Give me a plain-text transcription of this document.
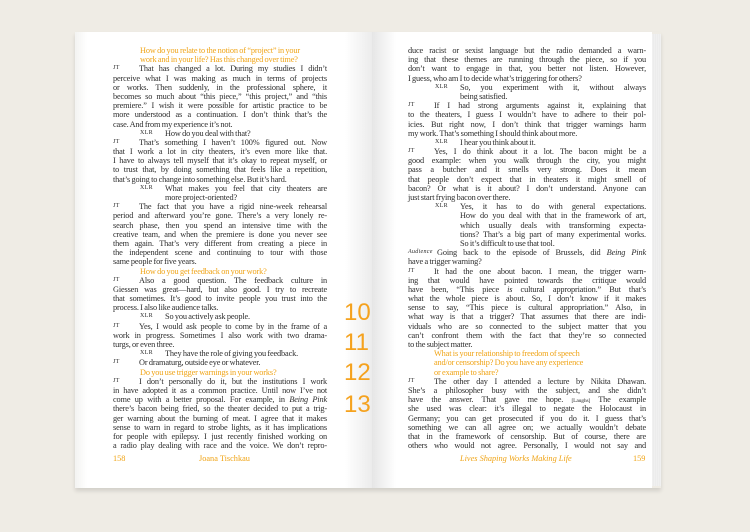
How do you relate to the notion of “project” in your
work and in your life? Has this changed over time?
JT	That has changed a lot. During my studies I didn’t
perceive what I was making as much in terms of projects
or works. Then suddenly, in the professional sphere, it
becomes so much about “this piece,” “this project,” and “this
premiere.” I wish it were possible for artistic practice to be
more understood as a continuation. I don’t think that’s the
case. And from my experience it’s not.
XLR	How do you deal with that?
JT	That’s something I haven’t 100% figured out. Now
that I work a lot in city theaters, it’s even more like that.
I have to always tell myself that it’s okay to repeat myself, or
to trust that, by doing something that feels like a repetition,
that’s going to change into something else. But it’s hard.
XLR	What makes you feel that city theaters are
more project-oriented?
JT	The fact that you have a rigid nine-week rehearsal
period and afterward you’re gone. There’s a very lonely re-
search phase, then you spend an intensive time with the
creative team, and when the premiere is done you never see
them again. That’s very different from creating a piece in
the independent scene and continuing to tour with those
same people for five years.
How do you get feedback on your work?
JT	Also a good question. The feedback culture in
Giessen was great—hard, but also good. I try to recreate
that sometimes. It’s good to invite people you trust into the
process. I also like audience talks.
XLR	So you actively ask people.
JT	Yes, I would ask people to come by in the frame of a
work in progress. Sometimes I also work with two drama-
turgs, or even three.
XLR	They have the role of giving you feedback.
JT	Or dramaturg, outside eye or whatever.
Do you use trigger warnings in your works?
JT	I don’t personally do it, but the institutions I work
in have adopted it as a common practice. Until now I’ve not
come up with a better proposal. For example, in Being Pink
there’s bacon being fried, so the theater decided to put a trig-
ger warning about the burning of meat. I agree that it makes
sense to warn in regard to strobe lights, as it has implications
for people with epilepsy. I just recently finished working on
a radio play dealing with race and the voice. We don’t repro-
158	Joana Tischkau
duce racist or sexist language but the radio demanded a warn-
ing that these themes are running through the piece, so if you
don’t want to engage in that, you better not listen. However,
I guess, who am I to decide what’s triggering for others?
XLR	So, you experiment with it, without always
being satisfied.
JT	If I had strong arguments against it, explaining that
to the theaters, I guess I wouldn’t have to adhere to their pol-
icies. But right now, I don’t think that trigger warnings harm
my work. That’s something I should think about more.
XLR	I hear you think about it.
JT	Yes, I do think about it a lot. The bacon might be a
good example: when you walk through the city, you might
pass a butcher and it smells very strong. Does it mean
that people don’t expect that in theaters it might smell of
bacon? Or what is it about? I don’t understand. Anyone can
just start frying bacon over there.
XLR	Yes, it has to do with general expectations.
How do you deal with that in the framework of art,
which usually deals with transforming expecta-
tions? That’s a big part of many experimental works.
So it’s difficult to use that tool.
Audience Going back to the episode of Brussels, did Being Pink
have a trigger warning?
JT	It had the one about bacon. I mean, the trigger warn-
ing that would have pointed towards the critique would
have been, “This piece is cultural appropriation.” But that’s
what the whole piece is about. So, I don’t know if it makes
sense to say, “This piece is cultural appropriation.” Also, in
what way is that a trigger? That assumes that there are indi-
viduals who are so connected to the subject matter that you
can’t confront them with the fact that they’re so connected
to the subject matter.
What is your relationship to freedom of speech
and/or censorship? Do you have any experience
or example to share?
JT	The other day I attended a lecture by Nikita Dhawan.
She’s a philosopher busy with the subject, and she didn’t
have the answer. That gave me hope. [Laughs] The example
she used was clear: it’s illegal to negate the Holocaust in
Germany; you can get prosecuted if you do it. I guess that’s
something we can all agree on; we actually wouldn’t debate
that in the framework of censorship. But of course, there are
others who would not agree. Personally, I would not say and
Lives Shaping Works Making Life	159
10
11
12
13
